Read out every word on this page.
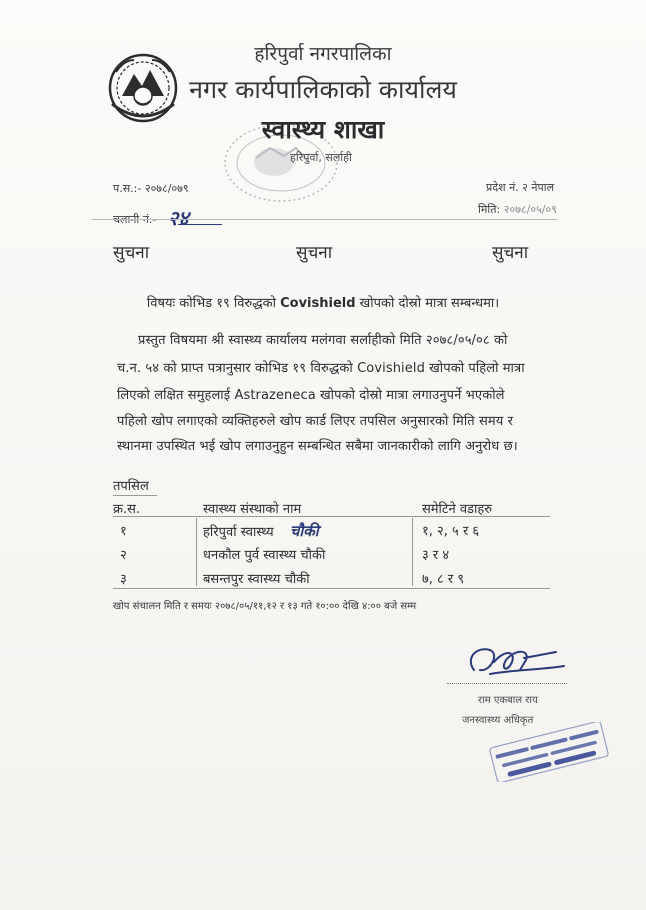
हरिपुर्वा नगरपालिका
नगर कार्यपालिकाको कार्यालय
स्वास्थ्य शाखा
हरिपुर्वा, सर्लाही
प.स.:- २०७८/०७९
चलानी नं.- २४
प्रदेश नं. २ नेपाल
मिति: २०७८/०५/०९
सुचना	सुचना	सुचना
विषयः कोभिड १९ विरुद्धको Covishield खोपको दोस्रो मात्रा सम्बन्धमा।
प्रस्तुत विषयमा श्री स्वास्थ्य कार्यालय मलंगवा सर्लाहीको मिति २०७८/०५/०८ को
च.न. ५४ को प्राप्त पत्रानुसार कोभिड १९ विरुद्धको Covishield खोपको पहिलो मात्रा
लिएको लक्षित समुहलाई Astrazeneca खोपको दोस्रो मात्रा लगाउनुपर्ने भएकोले
पहिलो खोप लगाएको व्यक्तिहरुले खोप कार्ड लिएर तपसिल अनुसारको मिति समय र
स्थानमा उपस्थित भई खोप लगाउनुहुन सम्बन्धित सबैमा जानकारीको लागि अनुरोध छ।
तपसिल
क्र.स.	स्वास्थ्य संस्थाको नाम	समेटिने वडाहरु
१	हरिपुर्वा स्वास्थ्य चौकी	१, २, ५ र ६
२	धनकौल पुर्व स्वास्थ्य चौकी	३ र ४
३	बसन्तपुर स्वास्थ्य चौकी	७, ८ र ९
खोप संचालन मिति र समयः २०७८/०५/११,१२ र १३ गते १०:०० देखि ४:०० बजे सम्म
राम एकबाल राय
जनस्वास्थ्य अधिकृत
